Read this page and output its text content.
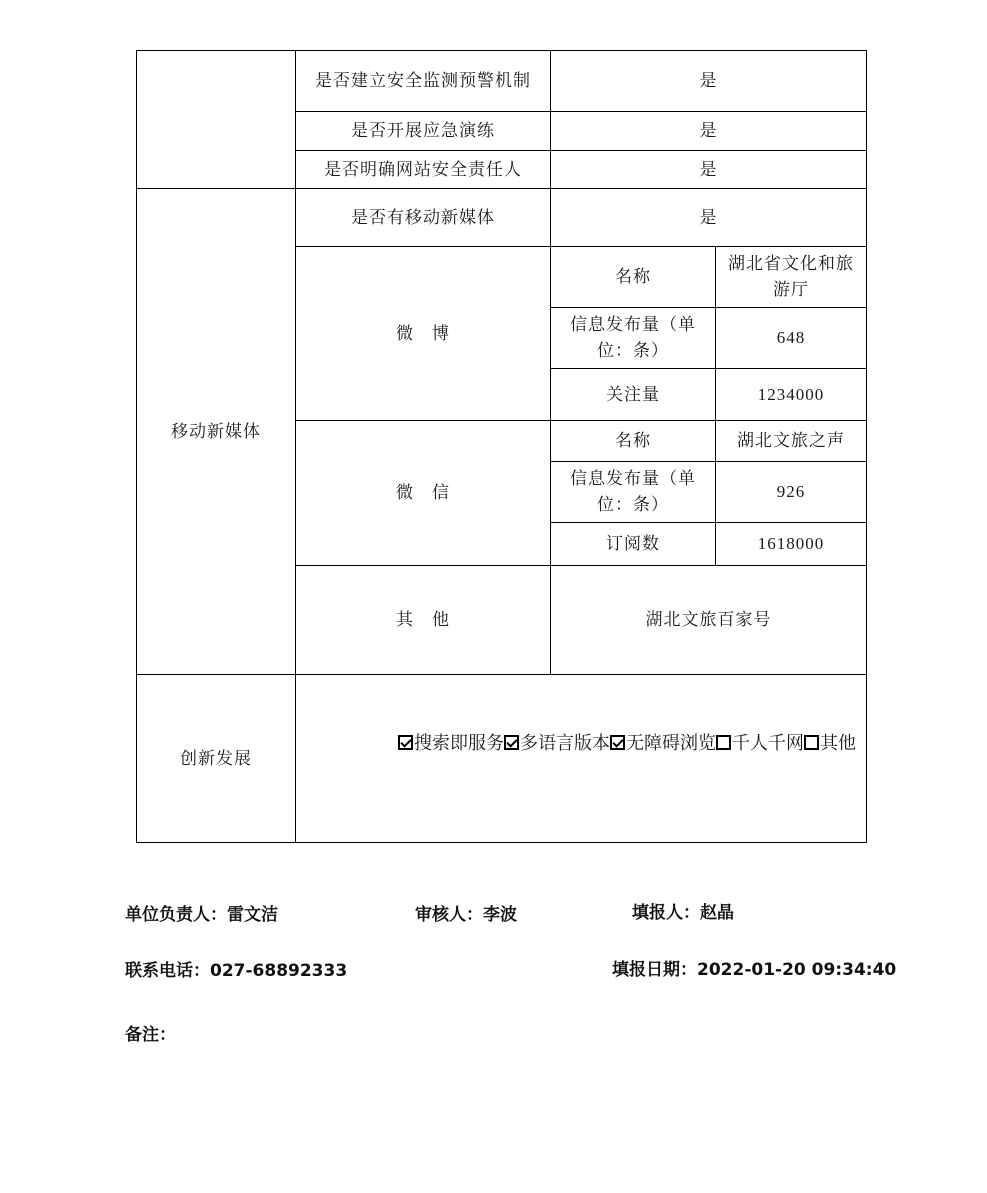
	是否建立安全监测预警机制	是	
	是否开展应急演练	是	
	是否明确网站安全责任人	是	
移动新媒体	是否有移动新媒体	是	
	微　博	名称	湖北省文化和旅游厅
		信息发布量（单位：条）	648
		关注量	1234000
	微　信	名称	湖北文旅之声
		信息发布量（单位：条）	926
		订阅数	1618000
	其　他	湖北文旅百家号	
创新发展	搜索即服务 多语言版本 无障碍浏览 千人千网 其他		
单位负责人：雷文洁	审核人：李波	填报人：赵晶
联系电话：027-68892333	填报日期：2022-01-20 09:34:40
备注：
